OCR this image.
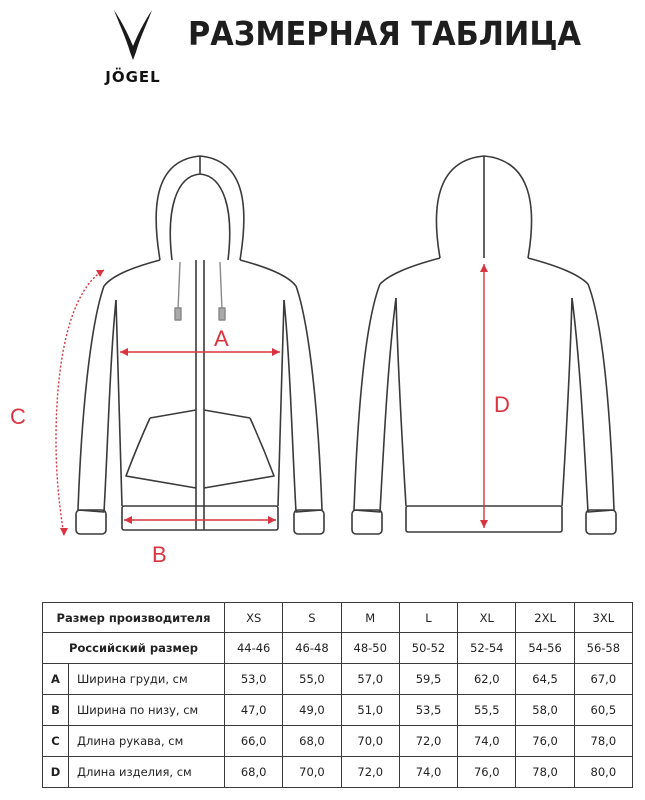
JÖGEL
РАЗМЕРНАЯ ТАБЛИЦА
A
B
C	D
Размер производителя		XS	S	M	L	XL	2XL	3XL
Российский размер		44-46	46-48	48-50	50-52	52-54	54-56	56-58
A	Ширина груди, см	53,0	55,0	57,0	59,5	62,0	64,5	67,0
B	Ширина по низу, см	47,0	49,0	51,0	53,5	55,5	58,0	60,5
C	Длина рукава, см	66,0	68,0	70,0	72,0	74,0	76,0	78,0
D	Длина изделия, см	68,0	70,0	72,0	74,0	76,0	78,0	80,0
